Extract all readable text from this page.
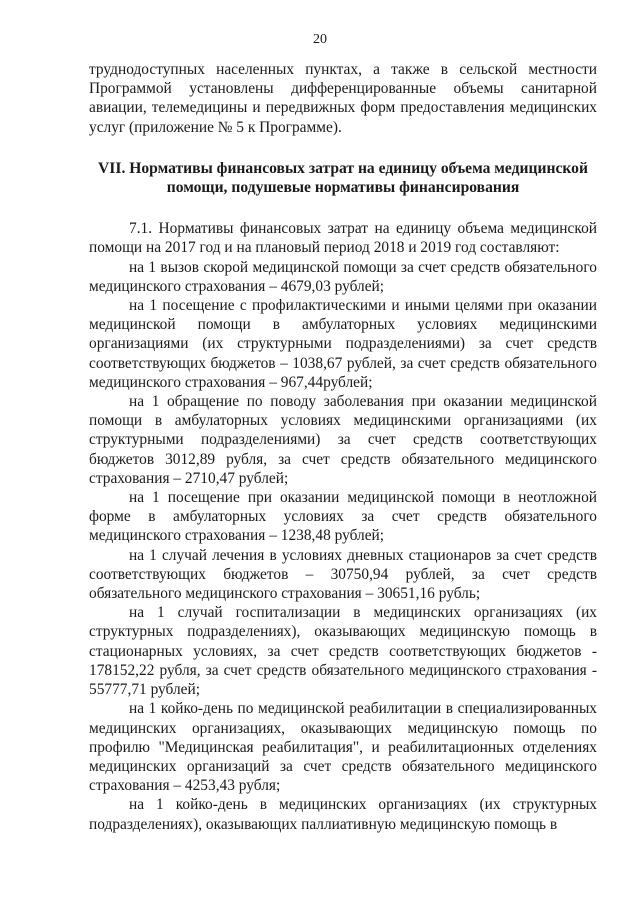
20

труднодоступных населенных пунктах, а также в сельской местности Программой установлены дифференцированные объемы санитарной авиации, телемедицины и передвижных форм предоставления медицинских услуг (приложение № 5 к Программе).

VII. Нормативы финансовых затрат на единицу объема медицинской помощи, подушевые нормативы финансирования

7.1. Нормативы финансовых затрат на единицу объема медицинской помощи на 2017 год и на плановый период 2018 и 2019 год составляют:

на 1 вызов скорой медицинской помощи за счет средств обязательного медицинского страхования – 4679,03 рублей;

на 1 посещение с профилактическими и иными целями при оказании медицинской помощи в амбулаторных условиях медицинскими организациями (их структурными подразделениями) за счет средств соответствующих бюджетов – 1038,67 рублей, за счет средств обязательного медицинского страхования – 967,44рублей;

на 1 обращение по поводу заболевания при оказании медицинской помощи в амбулаторных условиях медицинскими организациями (их структурными подразделениями) за счет средств соответствующих бюджетов 3012,89 рубля, за счет средств обязательного медицинского страхования – 2710,47 рублей;

на 1 посещение при оказании медицинской помощи в неотложной форме в амбулаторных условиях за счет средств обязательного медицинского страхования – 1238,48 рублей;

на 1 случай лечения в условиях дневных стационаров за счет средств соответствующих бюджетов – 30750,94 рублей, за счет средств обязательного медицинского страхования – 30651,16 рубль;

на 1 случай госпитализации в медицинских организациях (их структурных подразделениях), оказывающих медицинскую помощь в стационарных условиях, за счет средств соответствующих бюджетов - 178152,22 рубля, за счет средств обязательного медицинского страхования - 55777,71 рублей;

на 1 койко-день по медицинской реабилитации в специализированных медицинских организациях, оказывающих медицинскую помощь по профилю "Медицинская реабилитация", и реабилитационных отделениях медицинских организаций за счет средств обязательного медицинского страхования – 4253,43 рубля;

на 1 койко-день в медицинских организациях (их структурных подразделениях), оказывающих паллиативную медицинскую помощь в
